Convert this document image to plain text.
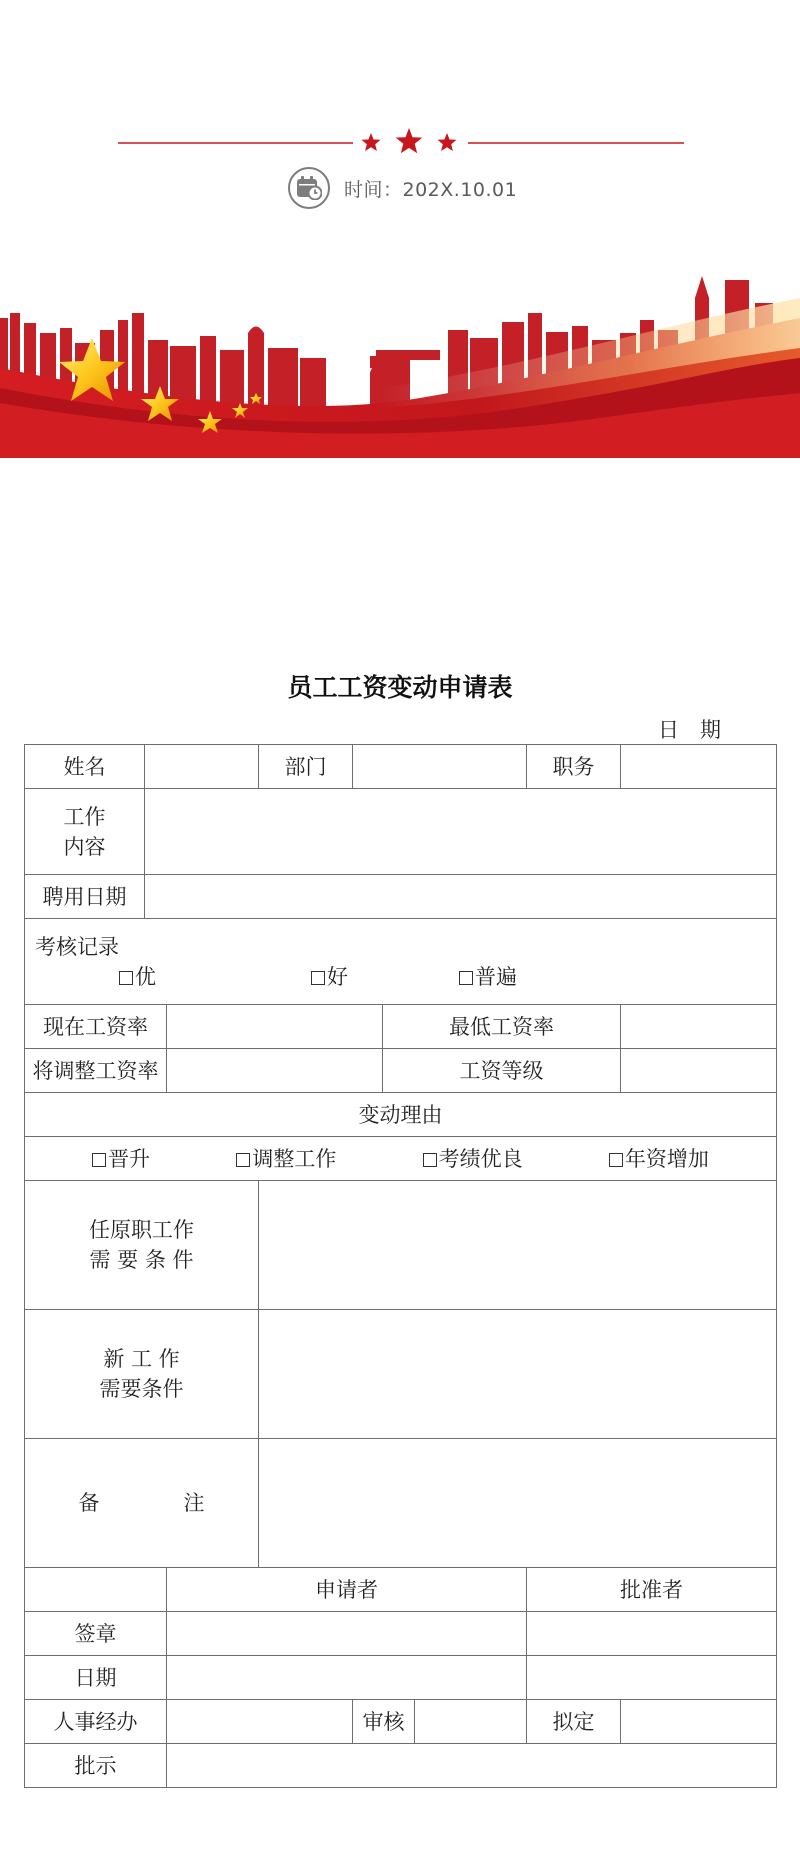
时间：202X.10.01
员工工资变动申请表
日　期
姓名			部门				职务	
工作
内容								
聘用日期								

考核记录
优 好 普遍								

现在工资率					最低工资率			
将调整工资率					工资等级			
变动理由								

晋升 调整工作 考绩优良 年资增加								

任原职工作
需 要 条 件								
新 工 作
需要条件								
备　　　　注								
		申请者					批准者	
签章								
日期								
人事经办				审核			拟定	
批示								
